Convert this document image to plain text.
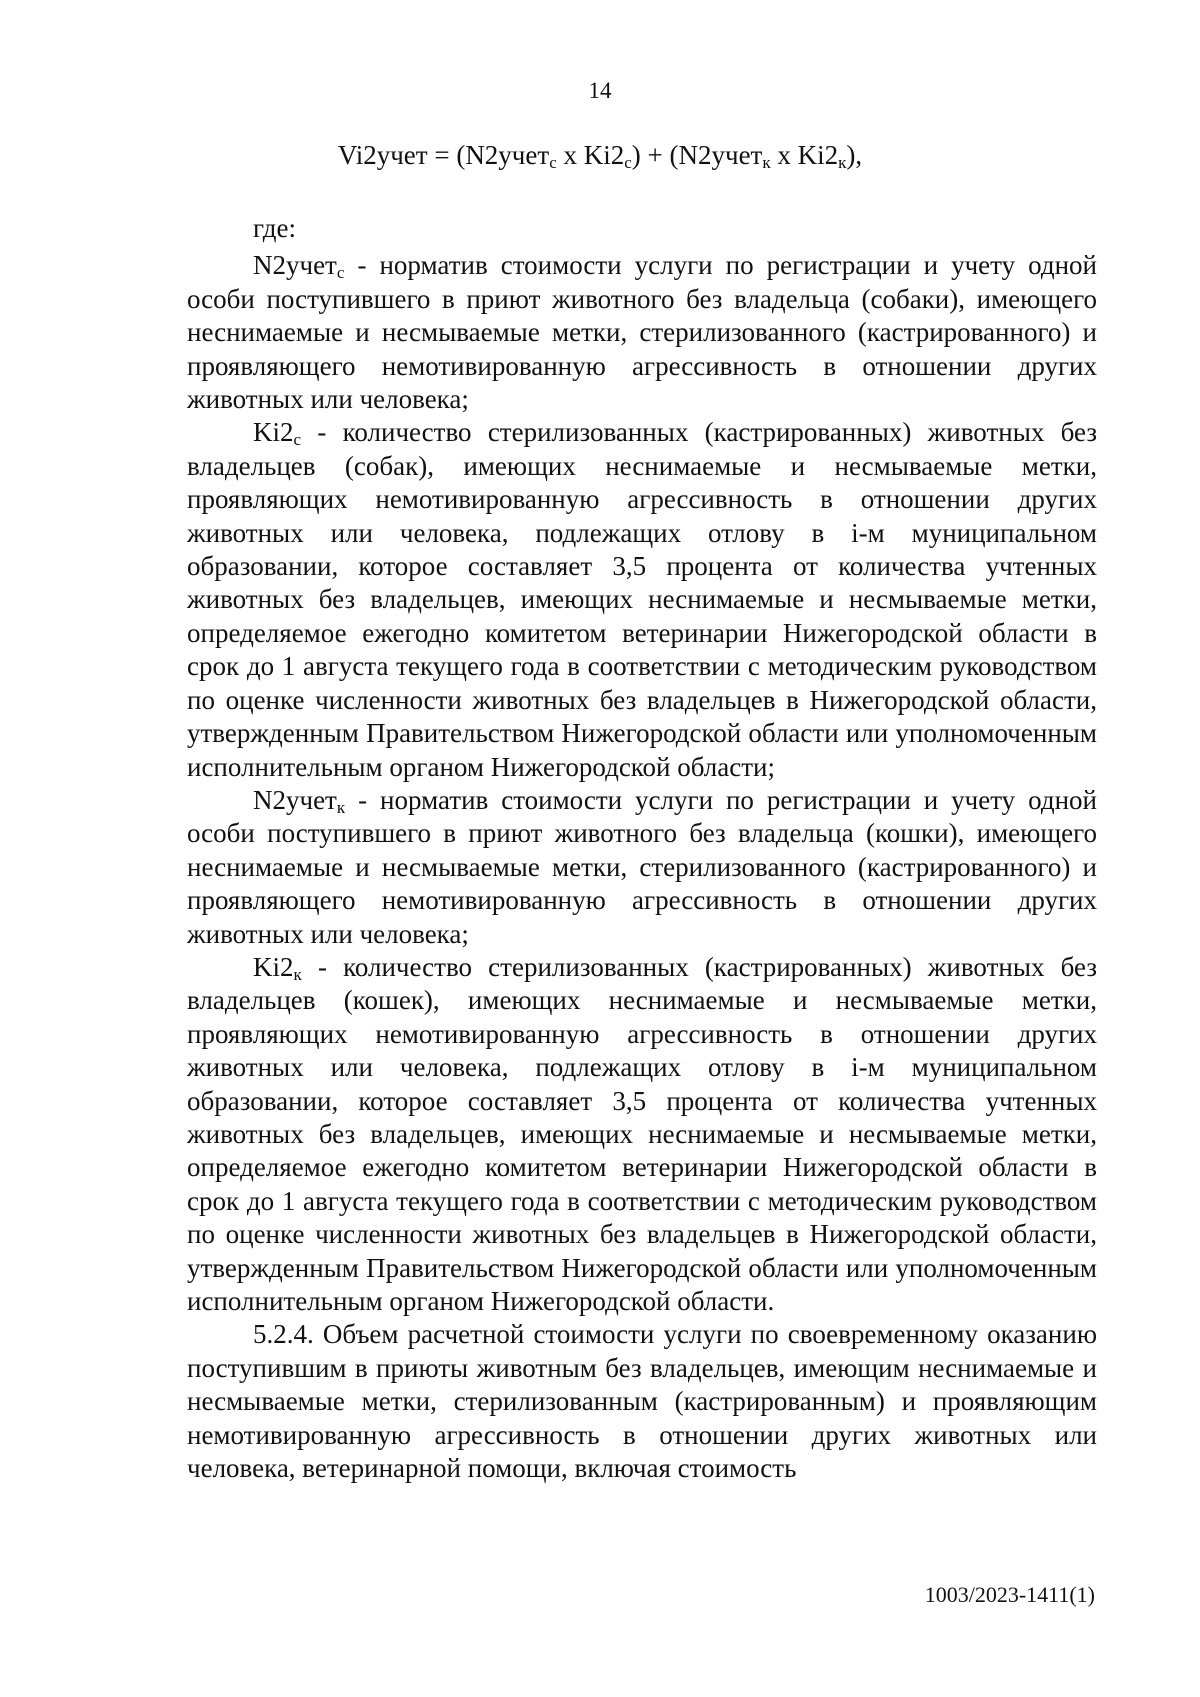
14
Vi2учет = (N2учет$_с$ x $Ki2_с$) + (N2учет$_к$ x $Ki2_к$),

где:

N2учет$_с$ - норматив стоимости услуги по регистрации и учету одной особи поступившего в приют животного без владельца (собаки), имеющего неснимаемые и несмываемые метки, стерилизованного (кастрированного) и проявляющего немотивированную агрессивность в отношении других животных или человека;

$Ki2_с$ - количество стерилизованных (кастрированных) животных без владельцев (собак), имеющих неснимаемые и несмываемые метки, проявляющих немотивированную агрессивность в отношении других животных или человека, подлежащих отлову в i-м муниципальном образовании, которое составляет 3,5 процента от количества учтенных животных без владельцев, имеющих неснимаемые и несмываемые метки, определяемое ежегодно комитетом ветеринарии Нижегородской области в срок до 1 августа текущего года в соответствии с методическим руководством по оценке численности животных без владельцев в Нижегородской области, утвержденным Правительством Нижегородской области или уполномоченным исполнительным органом Нижегородской области;

N2учет$_к$ - норматив стоимости услуги по регистрации и учету одной особи поступившего в приют животного без владельца (кошки), имеющего неснимаемые и несмываемые метки, стерилизованного (кастрированного) и проявляющего немотивированную агрессивность в отношении других животных или человека;

$Ki2_к$ - количество стерилизованных (кастрированных) животных без владельцев (кошек), имеющих неснимаемые и несмываемые метки, проявляющих немотивированную агрессивность в отношении других животных или человека, подлежащих отлову в i-м муниципальном образовании, которое составляет 3,5 процента от количества учтенных животных без владельцев, имеющих неснимаемые и несмываемые метки, определяемое ежегодно комитетом ветеринарии Нижегородской области в срок до 1 августа текущего года в соответствии с методическим руководством по оценке численности животных без владельцев в Нижегородской области, утвержденным Правительством Нижегородской области или уполномоченным исполнительным органом Нижегородской области.

5.2.4. Объем расчетной стоимости услуги по своевременному оказанию поступившим в приюты животным без владельцев, имеющим неснимаемые и несмываемые метки, стерилизованным (кастрированным) и проявляющим немотивированную агрессивность в отношении других животных или человека, ветеринарной помощи, включая стоимость

1003/2023-1411(1)
